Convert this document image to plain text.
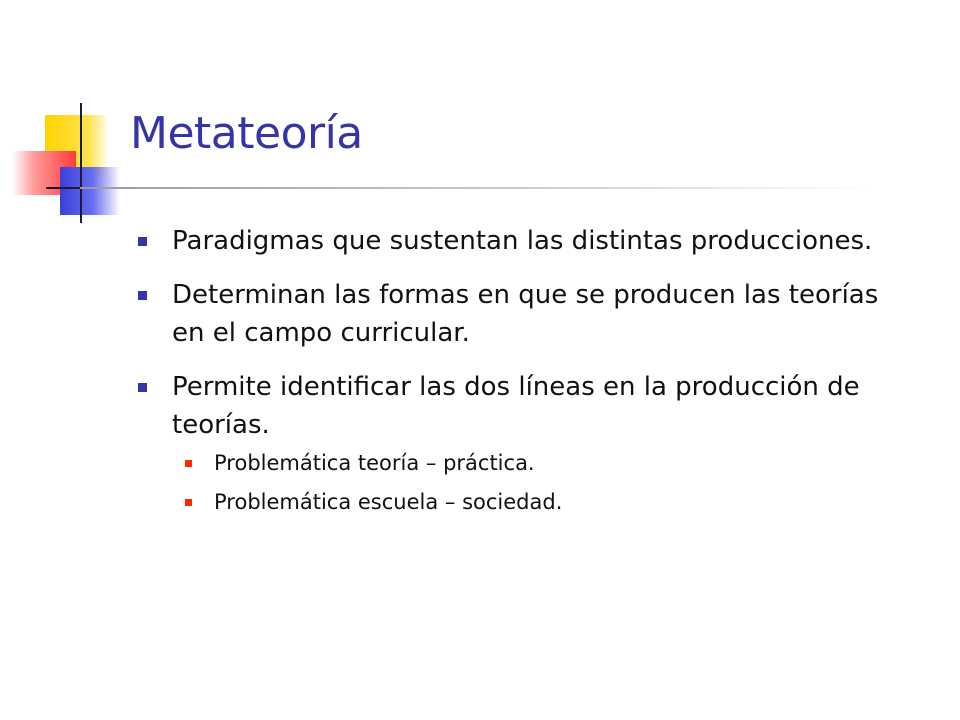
Metateoría
Paradigmas que sustentan las distintas producciones.
Determinan las formas en que se producen las teorías en el campo curricular.
Permite identificar las dos líneas en la producción de teorías.
Problemática teoría – práctica.
Problemática escuela – sociedad.
